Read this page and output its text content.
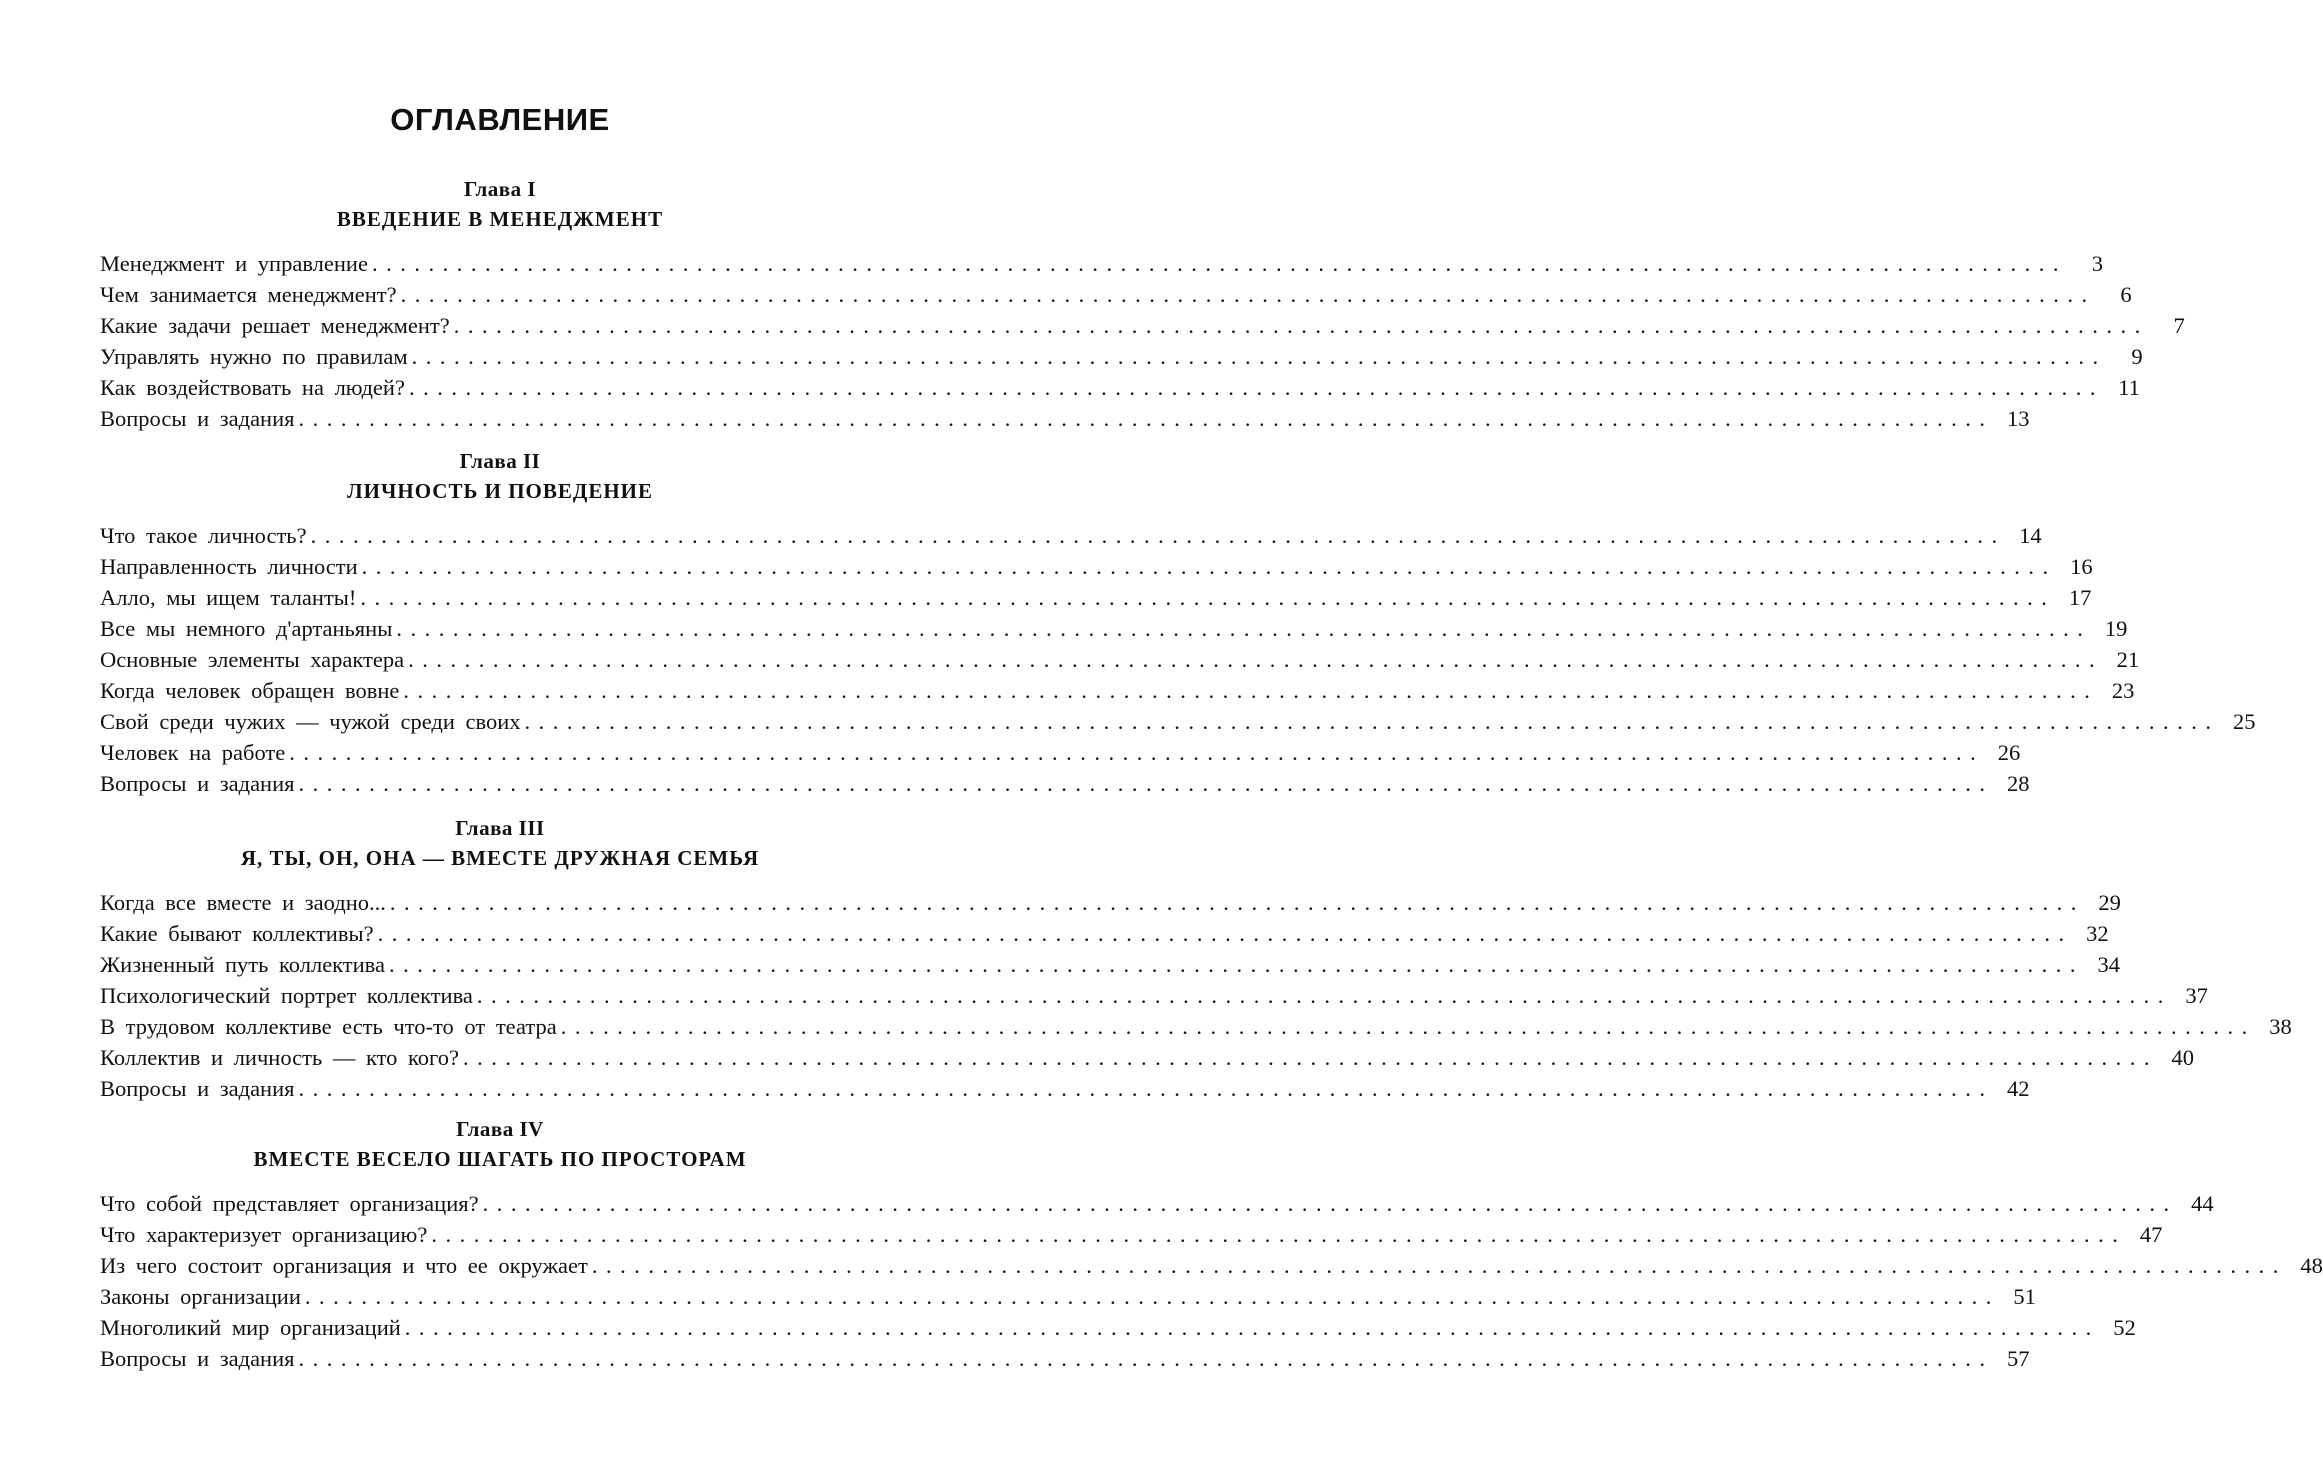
ОГЛАВЛЕНИЕ
Глава I
ВВЕДЕНИЕ В МЕНЕДЖМЕНТ
Менеджмент и управление ........................................................................................................................	3
Чем занимается менеджмент? ........................................................................................................................	6
Какие задачи решает менеджмент? ........................................................................................................................	7
Управлять нужно по правилам ........................................................................................................................	9
Как воздействовать на людей? ........................................................................................................................ 11
Вопросы и задания ........................................................................................................................ 13
Глава II
ЛИЧНОСТЬ И ПОВЕДЕНИЕ
Что такое личность? ........................................................................................................................ 14
Направленность личности ........................................................................................................................ 16
Алло, мы ищем таланты! ........................................................................................................................ 17
Все мы немного д'артаньяны ........................................................................................................................ 19
Основные элементы характера ........................................................................................................................ 21
Когда человек обращен вовне ........................................................................................................................ 23
Свой среди чужих — чужой среди своих ........................................................................................................................ 25
Человек на работе ........................................................................................................................ 26
Вопросы и задания ........................................................................................................................ 28
Глава III
Я, ТЫ, ОН, ОНА — ВМЕСТЕ ДРУЖНАЯ СЕМЬЯ
Когда все вместе и заодно... ........................................................................................................................ 29
Какие бывают коллективы? ........................................................................................................................ 32
Жизненный путь коллектива ........................................................................................................................ 34
Психологический портрет коллектива ........................................................................................................................ 37
В трудовом коллективе есть что-то от театра ........................................................................................................................ 38
Коллектив и личность — кто кого? ........................................................................................................................ 40
Вопросы и задания ........................................................................................................................ 42
Глава IV
ВМЕСТЕ ВЕСЕЛО ШАГАТЬ ПО ПРОСТОРАМ
Что собой представляет организация? ........................................................................................................................ 44
Что характеризует организацию? ........................................................................................................................ 47
Из чего состоит организация и что ее окружает ........................................................................................................................ 48
Законы организации ........................................................................................................................ 51
Многоликий мир организаций ........................................................................................................................ 52
Вопросы и задания ........................................................................................................................ 57
